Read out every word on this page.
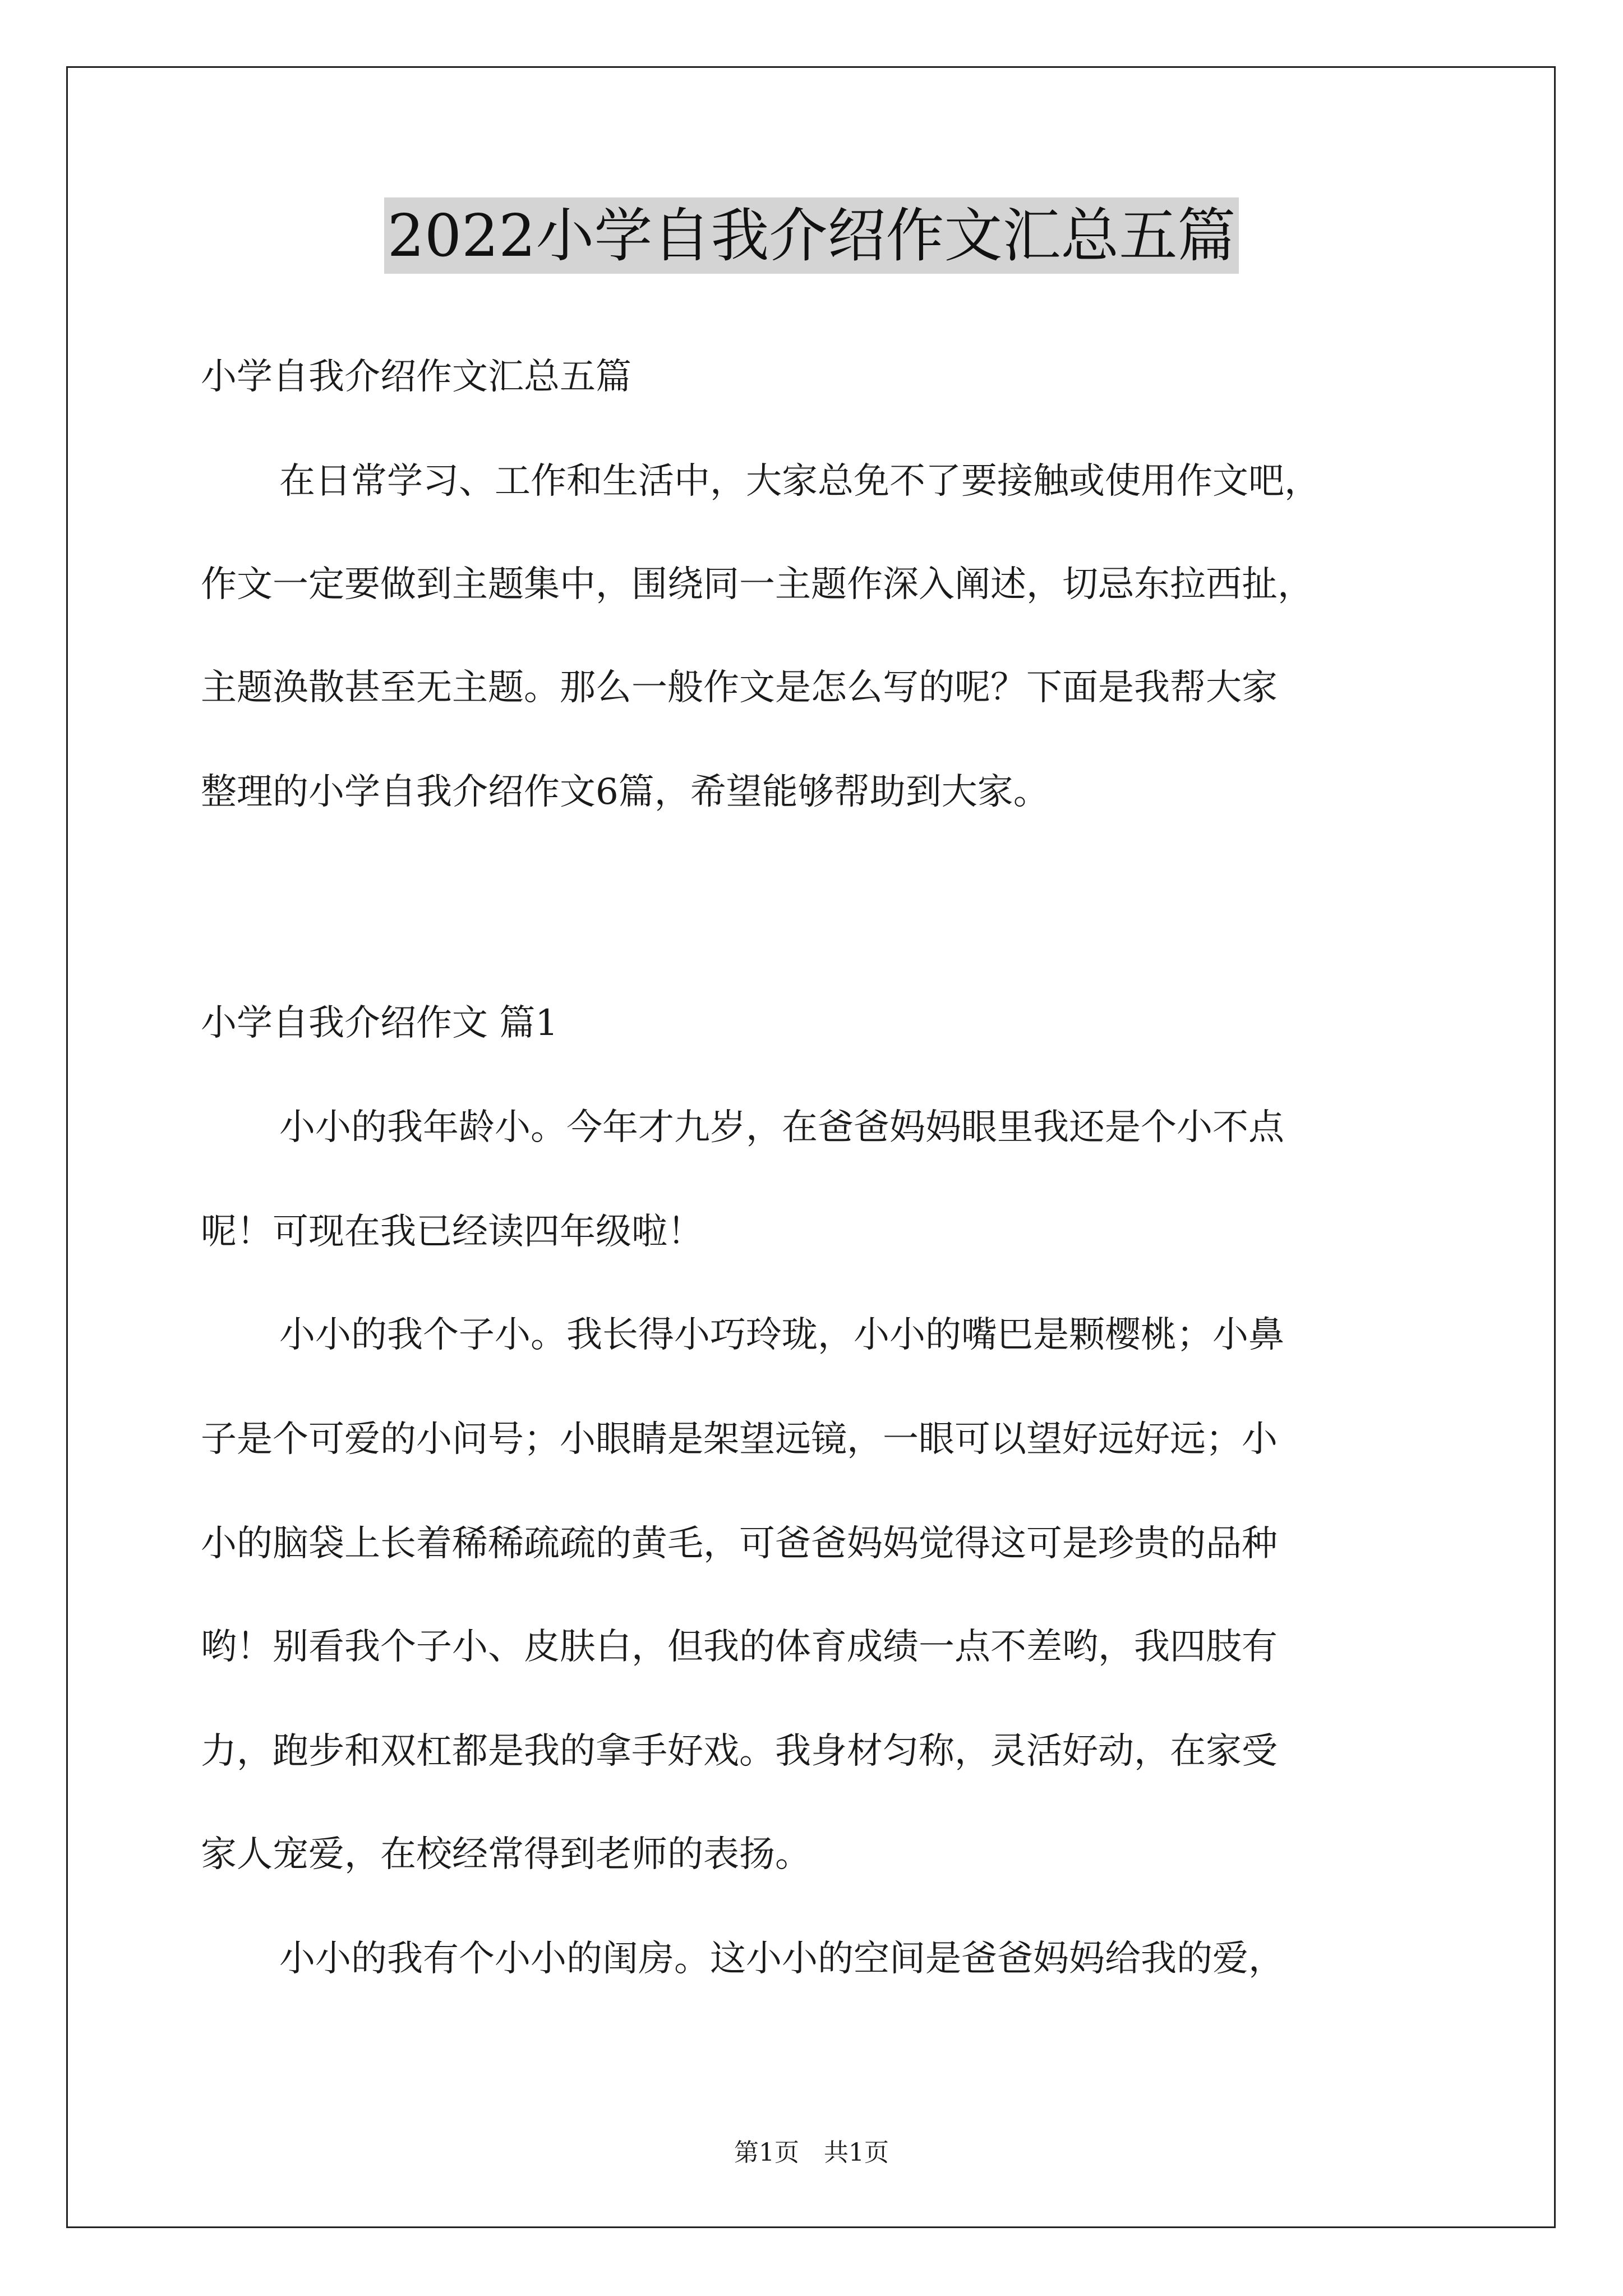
2022小学自我介绍作文汇总五篇
小学自我介绍作文汇总五篇
在日常学习、工作和生活中，大家总免不了要接触或使用作文吧，
作文一定要做到主题集中，围绕同一主题作深入阐述，切忌东拉西扯，
主题涣散甚至无主题。那么一般作文是怎么写的呢？下面是我帮大家
整理的小学自我介绍作文6篇，希望能够帮助到大家。
小学自我介绍作文 篇1
小小的我年龄小。今年才九岁，在爸爸妈妈眼里我还是个小不点
呢！可现在我已经读四年级啦！
小小的我个子小。我长得小巧玲珑，小小的嘴巴是颗樱桃；小鼻
子是个可爱的小问号；小眼睛是架望远镜，一眼可以望好远好远；小
小的脑袋上长着稀稀疏疏的黄毛，可爸爸妈妈觉得这可是珍贵的品种
哟！别看我个子小、皮肤白，但我的体育成绩一点不差哟，我四肢有
力，跑步和双杠都是我的拿手好戏。我身材匀称，灵活好动，在家受
家人宠爱，在校经常得到老师的表扬。
小小的我有个小小的闺房。这小小的空间是爸爸妈妈给我的爱，
第1页　共1页
